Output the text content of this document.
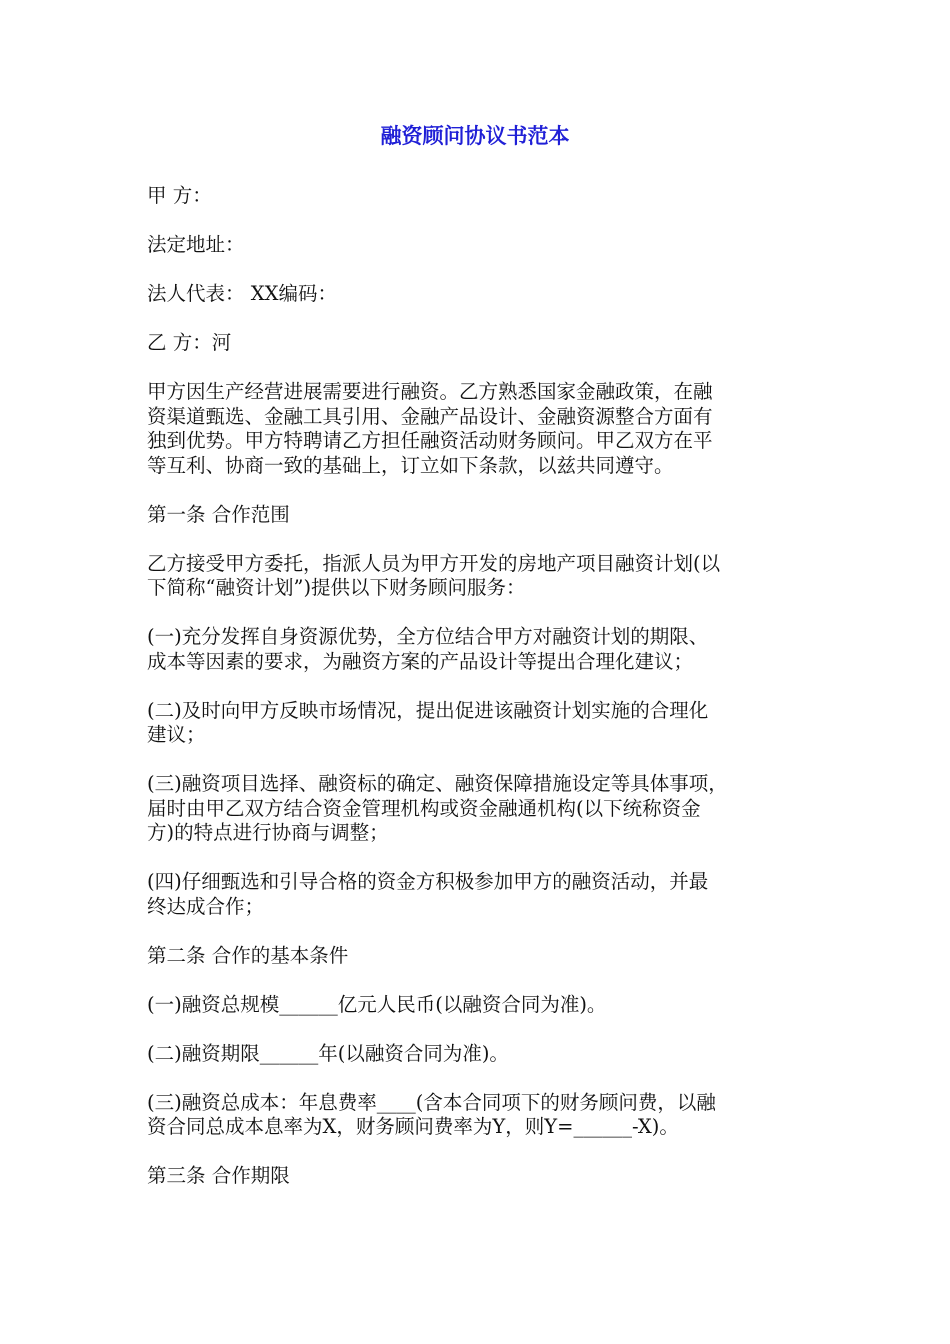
融资顾问协议书范本
甲 方：
法定地址：
法人代表： XX编码：
乙 方：河
甲方因生产经营进展需要进行融资。乙方熟悉国家金融政策，在融
资渠道甄选、金融工具引用、金融产品设计、金融资源整合方面有
独到优势。甲方特聘请乙方担任融资活动财务顾问。甲乙双方在平
等互利、协商一致的基础上，订立如下条款，以兹共同遵守。
第一条 合作范围
乙方接受甲方委托，指派人员为甲方开发的房地产项目融资计划(以
下简称“融资计划”)提供以下财务顾问服务：
(一)充分发挥自身资源优势，全方位结合甲方对融资计划的期限、
成本等因素的要求，为融资方案的产品设计等提出合理化建议；
(二)及时向甲方反映市场情况，提出促进该融资计划实施的合理化
建议；
(三)融资项目选择、融资标的确定、融资保障措施设定等具体事项，
届时由甲乙双方结合资金管理机构或资金融通机构(以下统称资金
方)的特点进行协商与调整；
(四)仔细甄选和引导合格的资金方积极参加甲方的融资活动，并最
终达成合作；
第二条 合作的基本条件
(一)融资总规模______亿元人民币(以融资合同为准)。
(二)融资期限______年(以融资合同为准)。
(三)融资总成本：年息费率____(含本合同项下的财务顾问费，以融
资合同总成本息率为X，财务顾问费率为Y，则Y=______-X)。
第三条 合作期限
